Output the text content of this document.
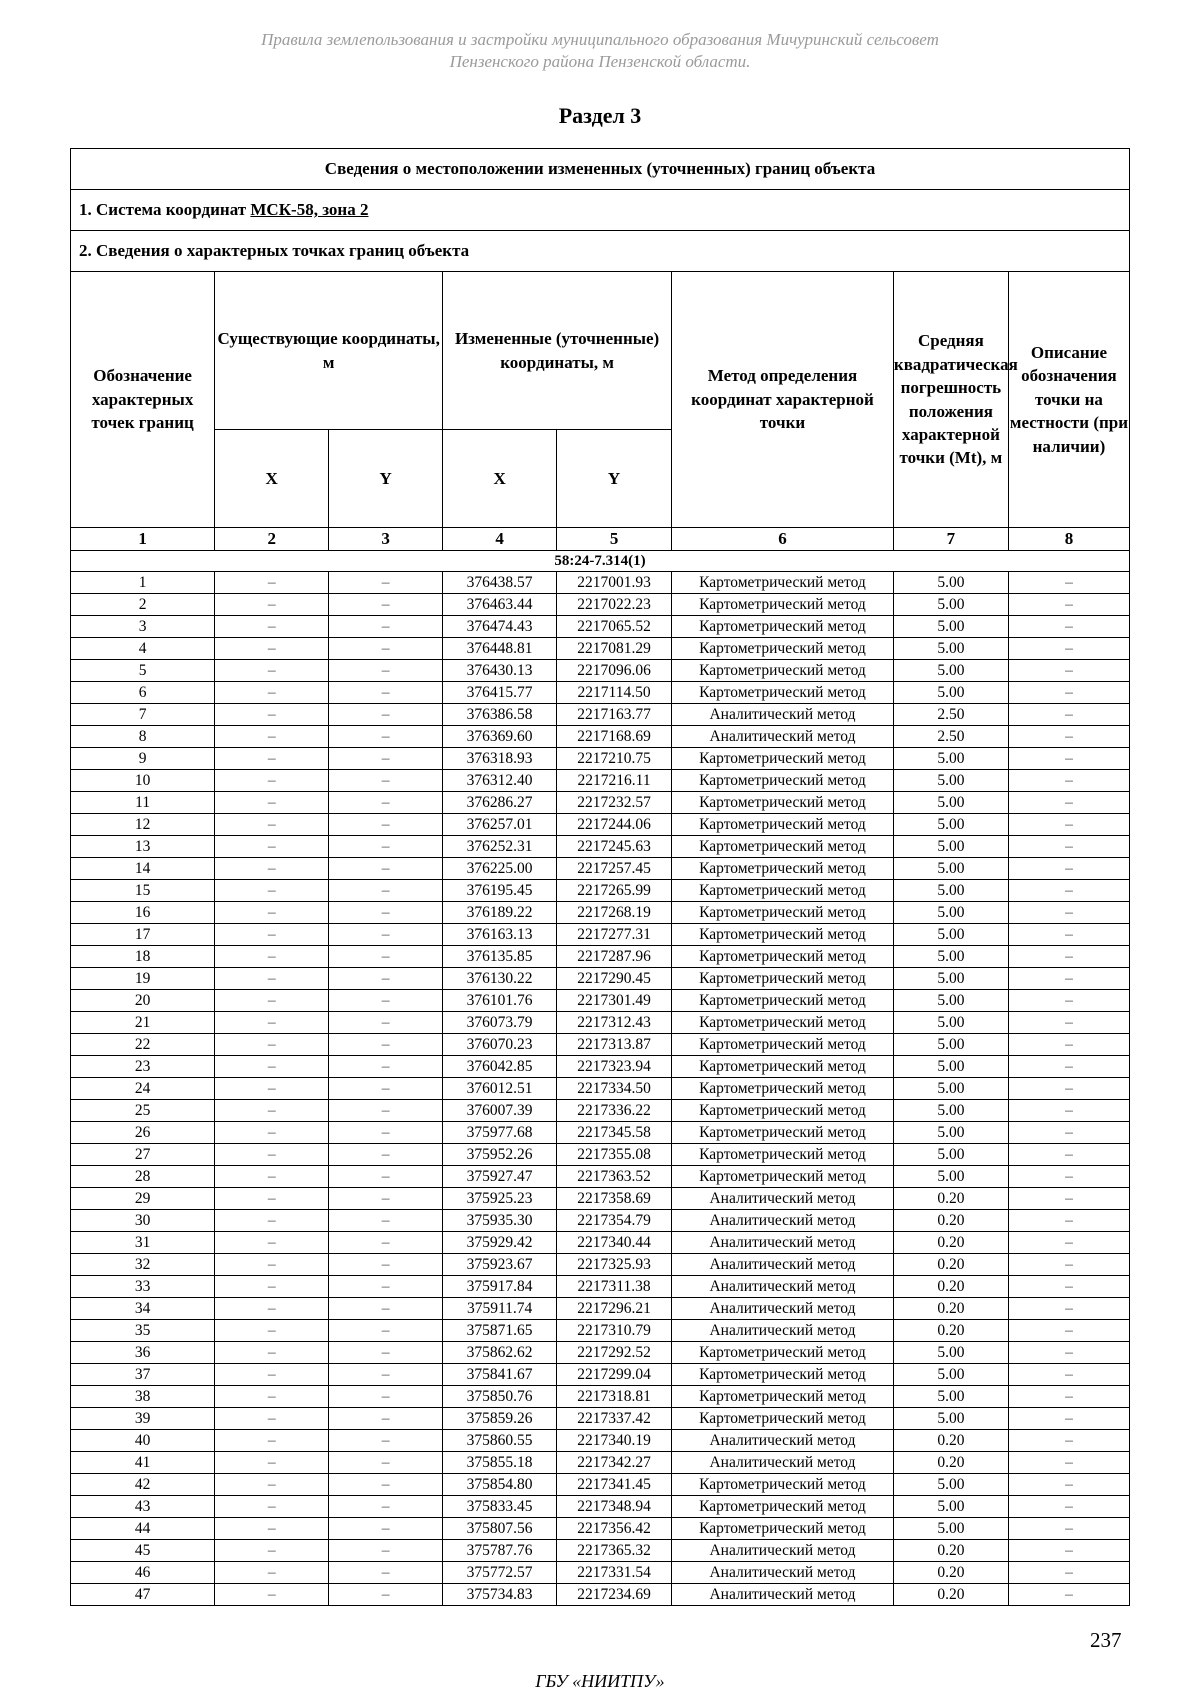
Правила землепользования и застройки муниципального образования Мичуринский сельсовет
Пензенского района Пензенской области.
Раздел 3
Сведения о местоположении измененных (уточненных) границ объекта							
1. Система координат МСК-58, зона 2							
2. Сведения о характерных точках границ объекта							
Обозначение характерных точек границ	Существующие координаты, м		Измененные (уточненные) координаты, м		Метод определения координат характерной точки	Средняя квадратическая погрешность положения характерной точки (Mt), м	Описание обозначения точки на местности (при наличии)
	X	Y	X	Y			
1	2	3	4	5	6	7	8
58:24-7.314(1)							
1	–	–	376438.57	2217001.93	Картометрический метод	5.00	–
2	–	–	376463.44	2217022.23	Картометрический метод	5.00	–
3	–	–	376474.43	2217065.52	Картометрический метод	5.00	–
4	–	–	376448.81	2217081.29	Картометрический метод	5.00	–
5	–	–	376430.13	2217096.06	Картометрический метод	5.00	–
6	–	–	376415.77	2217114.50	Картометрический метод	5.00	–
7	–	–	376386.58	2217163.77	Аналитический метод	2.50	–
8	–	–	376369.60	2217168.69	Аналитический метод	2.50	–
9	–	–	376318.93	2217210.75	Картометрический метод	5.00	–
10	–	–	376312.40	2217216.11	Картометрический метод	5.00	–
11	–	–	376286.27	2217232.57	Картометрический метод	5.00	–
12	–	–	376257.01	2217244.06	Картометрический метод	5.00	–
13	–	–	376252.31	2217245.63	Картометрический метод	5.00	–
14	–	–	376225.00	2217257.45	Картометрический метод	5.00	–
15	–	–	376195.45	2217265.99	Картометрический метод	5.00	–
16	–	–	376189.22	2217268.19	Картометрический метод	5.00	–
17	–	–	376163.13	2217277.31	Картометрический метод	5.00	–
18	–	–	376135.85	2217287.96	Картометрический метод	5.00	–
19	–	–	376130.22	2217290.45	Картометрический метод	5.00	–
20	–	–	376101.76	2217301.49	Картометрический метод	5.00	–
21	–	–	376073.79	2217312.43	Картометрический метод	5.00	–
22	–	–	376070.23	2217313.87	Картометрический метод	5.00	–
23	–	–	376042.85	2217323.94	Картометрический метод	5.00	–
24	–	–	376012.51	2217334.50	Картометрический метод	5.00	–
25	–	–	376007.39	2217336.22	Картометрический метод	5.00	–
26	–	–	375977.68	2217345.58	Картометрический метод	5.00	–
27	–	–	375952.26	2217355.08	Картометрический метод	5.00	–
28	–	–	375927.47	2217363.52	Картометрический метод	5.00	–
29	–	–	375925.23	2217358.69	Аналитический метод	0.20	–
30	–	–	375935.30	2217354.79	Аналитический метод	0.20	–
31	–	–	375929.42	2217340.44	Аналитический метод	0.20	–
32	–	–	375923.67	2217325.93	Аналитический метод	0.20	–
33	–	–	375917.84	2217311.38	Аналитический метод	0.20	–
34	–	–	375911.74	2217296.21	Аналитический метод	0.20	–
35	–	–	375871.65	2217310.79	Аналитический метод	0.20	–
36	–	–	375862.62	2217292.52	Картометрический метод	5.00	–
37	–	–	375841.67	2217299.04	Картометрический метод	5.00	–
38	–	–	375850.76	2217318.81	Картометрический метод	5.00	–
39	–	–	375859.26	2217337.42	Картометрический метод	5.00	–
40	–	–	375860.55	2217340.19	Аналитический метод	0.20	–
41	–	–	375855.18	2217342.27	Аналитический метод	0.20	–
42	–	–	375854.80	2217341.45	Картометрический метод	5.00	–
43	–	–	375833.45	2217348.94	Картометрический метод	5.00	–
44	–	–	375807.56	2217356.42	Картометрический метод	5.00	–
45	–	–	375787.76	2217365.32	Аналитический метод	0.20	–
46	–	–	375772.57	2217331.54	Аналитический метод	0.20	–
47	–	–	375734.83	2217234.69	Аналитический метод	0.20	–
237
ГБУ «НИИТПУ»
